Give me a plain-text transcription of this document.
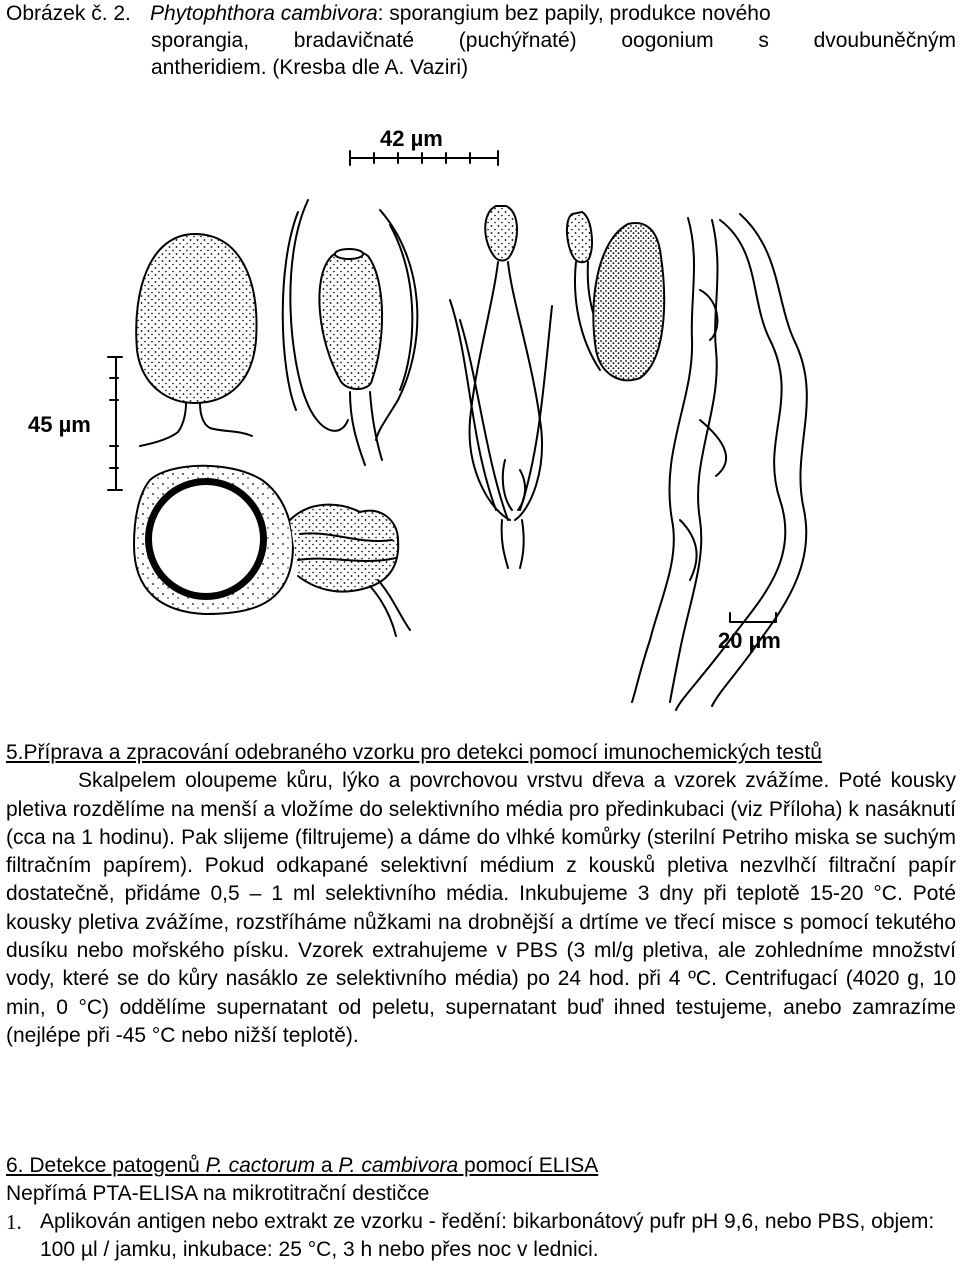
Obrázek č. 2. Phytophthora cambivora: sporangium bez papily, produkce nového
sporangia, bradavičnaté (puchýřnaté) oogonium s dvoubuněčným
antheridiem. (Kresba dle A. Vaziri)
42 µm
45 µm
20 µm
5.Příprava a zpracování odebraného vzorku pro detekci pomocí imunochemických testů

Skalpelem oloupeme kůru, lýko a povrchovou vrstvu dřeva a vzorek zvážíme. Poté kousky pletiva rozdělíme na menší a vložíme do selektivního média pro předinkubaci (viz Příloha) k nasáknutí (cca na 1 hodinu). Pak slijeme (filtrujeme) a dáme do vlhké komůrky (sterilní Petriho miska se suchým filtračním papírem). Pokud odkapané selektivní médium z kousků pletiva nezvlhčí filtrační papír dostatečně, přidáme 0,5 – 1 ml selektivního média. Inkubujeme 3 dny při teplotě 15-20 °C. Poté kousky pletiva zvážíme, rozstříháme nůžkami na drobnější a drtíme ve třecí misce s pomocí tekutého dusíku nebo mořského písku. Vzorek extrahujeme v PBS (3 ml/g pletiva, ale zohledníme množství vody, které se do kůry nasáklo ze selektivního média) po 24 hod. při 4 ºC. Centrifugací (4020 g, 10 min, 0 °C) oddělíme supernatant od peletu, supernatant buď ihned testujeme, anebo zamrazíme (nejlépe při -45 °C nebo nižší teplotě).

6. Detekce patogenů P. cactorum a P. cambivora pomocí ELISA
Nepřímá PTA-ELISA na mikrotitrační destičce
1. Aplikován antigen nebo extrakt ze vzorku - ředění: bikarbonátový pufr pH 9,6, nebo PBS, objem: 100 µl / jamku, inkubace: 25 °C, 3 h nebo přes noc v lednici.
